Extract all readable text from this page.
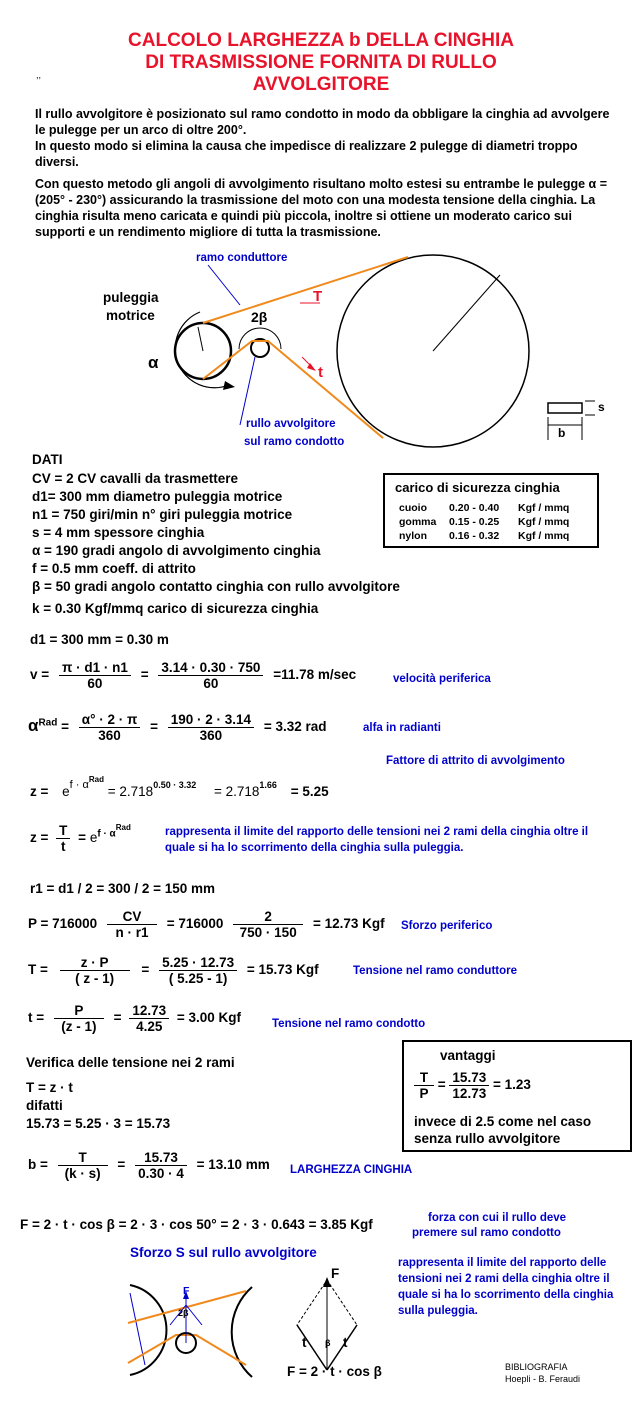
CALCOLO LARGHEZZA b DELLA CINGHIA
DI TRASMISSIONE FORNITA DI RULLO
AVVOLGITORE
,,
Il rullo avvolgitore è posizionato sul ramo condotto in modo da obbligare la cinghia ad avvolgere le pulegge per un arco di oltre 200°.
In questo modo si elimina la causa che impedisce di realizzare 2 pulegge di diametri troppo diversi.
Con questo metodo gli angoli di avvolgimento risultano molto estesi su entrambe le pulegge α = (205° - 230°) assicurando la trasmissione del moto con una modesta tensione della cinghia. La cinghia risulta meno caricata e quindi più piccola, inoltre si ottiene un moderato carico sui supporti e un rendimento migliore di tutta la trasmissione.
ramo conduttore
puleggia
motrice
α
2β
T
t
rullo avvolgitore
sul ramo condotto
s
b
DATI
CV = 2 CV cavalli da trasmettere
d1= 300 mm diametro puleggia motrice
n1 = 750 giri/min n° giri puleggia motrice
s = 4 mm spessore cinghia
α = 190 gradi angolo di avvolgimento cinghia
f = 0.5 mm coeff. di attrito
β = 50 gradi angolo contatto cinghia con rullo avvolgitore
k = 0.30 Kgf/mmq carico di sicurezza cinghia
carico di sicurezza cinghia
cuoio 0.20 - 0.40 Kgf / mmq
gomma 0.15 - 0.25 Kgf / mmq
nylon 0.16 - 0.32 Kgf / mmq
d1 = 300 mm = 0.30 m
$v = \frac{\pi \cdot d1 \cdot n1}{60} = \frac{3.14 \cdot 0.30 \cdot 750}{60} =11.78$ m/sec	velocità periferica
$\alpha^{Rad} = \frac{\alpha^\circ \cdot 2 \cdot \pi}{360} = \frac{190 \cdot 2 \cdot 3.14}{360} = 3.32$ rad	alfa in radianti
Fattore di attrito di avvolgimento
z = ef · $\alpha^{Rad} = 2.7180.50 \cdot 3.32 = 2.7181.66 = 5.25$
$z = \frac{T}{t} = e^{f \cdot \alpha Rad}$	rappresenta il limite del rapporto delle tensioni nei 2 rami della cinghia oltre il quale si ha lo scorrimento della cinghia sulla puleggia.
r1 = d1 / 2 = 300 / 2 = 150 mm
$P = 716000 \frac{CV}{n \cdot r1} = 716000 \frac{2}{750 \cdot 150} = 12.73$ Kgf Sforzo periferico
$T = \frac{z \cdot P}{( z - 1)} = \frac{5.25 \cdot 12.73}{( 5.25 - 1)} = 15.73$ Kgf	Tensione nel ramo conduttore
$t = \frac{P}{(z - 1)} = \frac{12.73}{4.25} = 3.00$ Kgf	Tensione nel ramo condotto
Verifica delle tensione nei 2 rami
T = z · t
difatti
15.73 = 5.25 · 3 = 15.73
vantaggi
$\frac{T}{P} = \frac{15.73}{12.73} = 1.23$
invece di 2.5 come nel caso
senza rullo avvolgitore
$b = \frac{T}{(k \cdot s)} = \frac{15.73}{0.30 \cdot 4} = 13.10$ mm LARGHEZZA CINGHIA
F = 2 · t · cos β = 2 · 3 · cos 50° = 2 · 3 · 0.643 = 3.85 Kgf	forza con cui il rullo deve
premere sul ramo condotto
Sforzo S sul rullo avvolgitore
rappresenta il limite del rapporto delle tensioni nei 2 rami della cinghia oltre il quale si ha lo scorrimento della cinghia sulla puleggia.
F
2β
F
t	t
β
F = 2 · t · cos β	BIBLIOGRAFIA
Hoepli - B. Feraudi
